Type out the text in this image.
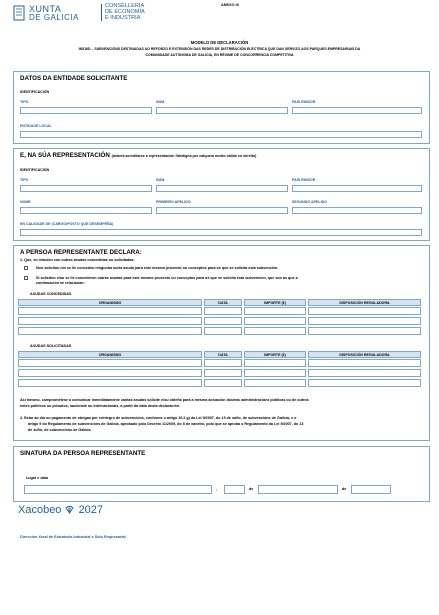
XUNTA
DE GALICIA
CONSELLERÍA
DE ECONOMÍA
E INDUSTRIA
ANEXO III
MODELO DE DECLARACIÓN
IN516D – SUBVENCIÓNS DESTINADAS AO REFORZO E EXTENSIÓN DAS REDES DE DISTRIBUCIÓN ELÉCTRICA QUE DAN SERVIZO AOS PARQUES EMPRESARIAIS DA
COMUNIDADE AUTÓNOMA DE GALICIA, EN RÉXIME DE CONCORRENCIA COMPETITIVA
DATOS DA ENTIDADE SOLICITANTE
IDENTIFICACIÓN
TIPO	NÚM.	PAÍS EMISOR
ENTIDADE LOCAL
E, NA SÚA REPRESENTACIÓN (deberá acreditarse a representación fidedigna por calquera medio válido en dereito)
IDENTIFICACIÓN
TIPO	NÚM.	PAÍS EMISOR
NOME	PRIMEIRO APELIDO	SEGUNDO APELIDO
EN CALIDADE DE (CARGO/POSTO QUE DESEMPEÑA)
A PERSOA REPRESENTANTE DECLARA:
1. Que, en relación con outras axudas concedidas ou solicitadas:
Non solicitou nin se lle concedeu ningunha outra axuda para este mesmo proxecto ou conceptos para os que se solicita esta subvención.
Si solicitou e/ou se lle concederon outras axudas para este mesmo proxecto ou conceptos para os que se solicita esta subvención, que son as que a
continuación se relacionan:
AXUDAS CONCEDIDAS
ORGANISMO	DATA	IMPORTE (€)	DISPOSICIÓN REGULADORA
AXUDAS SOLICITADAS
ORGANISMO	DATA	IMPORTE (€)	DISPOSICIÓN REGULADORA
Así mesmo, comprométese a comunicar inmediatamente cantas axudas solicite e/ou obteña para a mesma actuación doutras administracións públicas ou de outros
entes públicos ou privados, nacionais ou internacionais, a partir da data desta declaración.
2. Estar ao día no pagamento de obrigas por reintegro de subvencións, conforme o artigo 10.2.g) da Lei 9/2007, do 13 de xuño, de subvencións de Galicia, e o
artigo 9 do Regulamento de subvencións de Galicia, aprobado polo Decreto 11/2009, do 8 de xaneiro, polo que se aproba o Regulamento da Lei 9/2007, do 13
de xuño, de subvencións de Galicia.
SINATURA DA PERSOA REPRESENTANTE
Lugar e data
,	de	de
Xacobeo 2027
Dirección Xeral de Estratexia Industrial e Solo Empresarial
